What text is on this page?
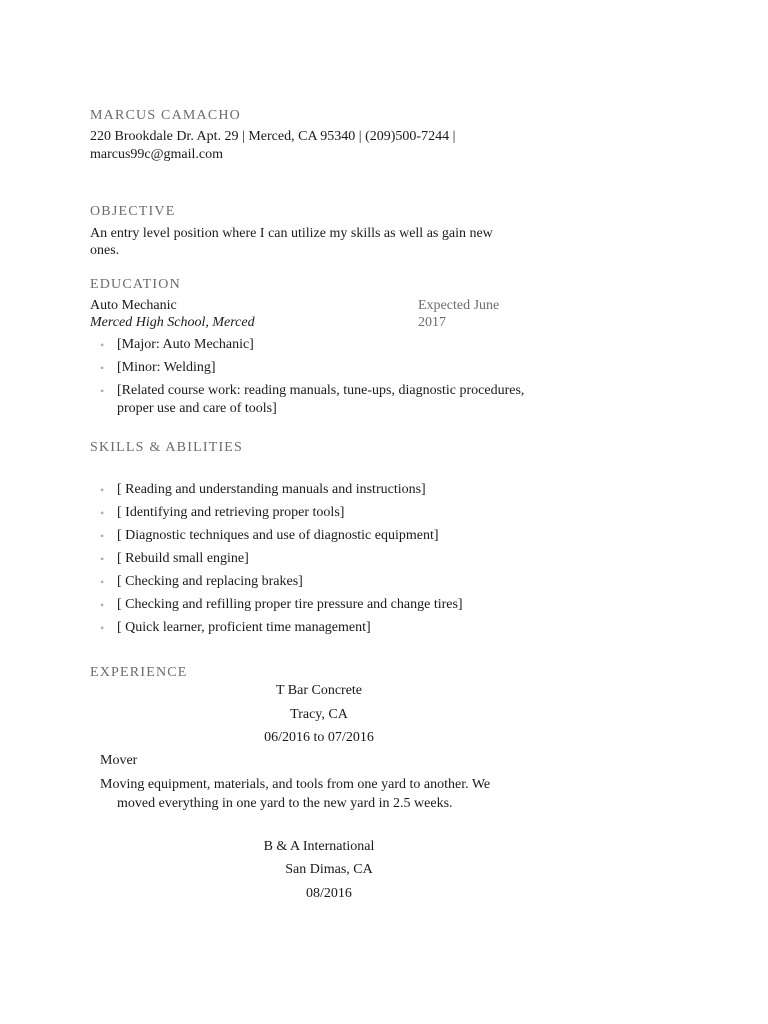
MARCUS CAMACHO
220 Brookdale Dr. Apt. 29 | Merced, CA 95340 | (209)500-7244 |
marcus99c@gmail.com
OBJECTIVE
An entry level position where I can utilize my skills as well as gain new
ones.
EDUCATION
Auto Mechanic
Merced High School, Merced
Expected June
2017
• [Major: Auto Mechanic]
• [Minor: Welding]
• [Related course work: reading manuals, tune-ups, diagnostic procedures, proper use and care of tools]
SKILLS & ABILITIES
• [ Reading and understanding manuals and instructions]
• [ Identifying and retrieving proper tools]
• [ Diagnostic techniques and use of diagnostic equipment]
• [ Rebuild small engine]
• [ Checking and replacing brakes]
• [ Checking and refilling proper tire pressure and change tires]
• [ Quick learner, proficient time management]
EXPERIENCE
T Bar Concrete
Tracy, CA
06/2016 to 07/2016
Mover
Moving equipment, materials, and tools from one yard to another. We
moved everything in one yard to the new yard in 2.5 weeks.
B & A International
San Dimas, CA
08/2016
